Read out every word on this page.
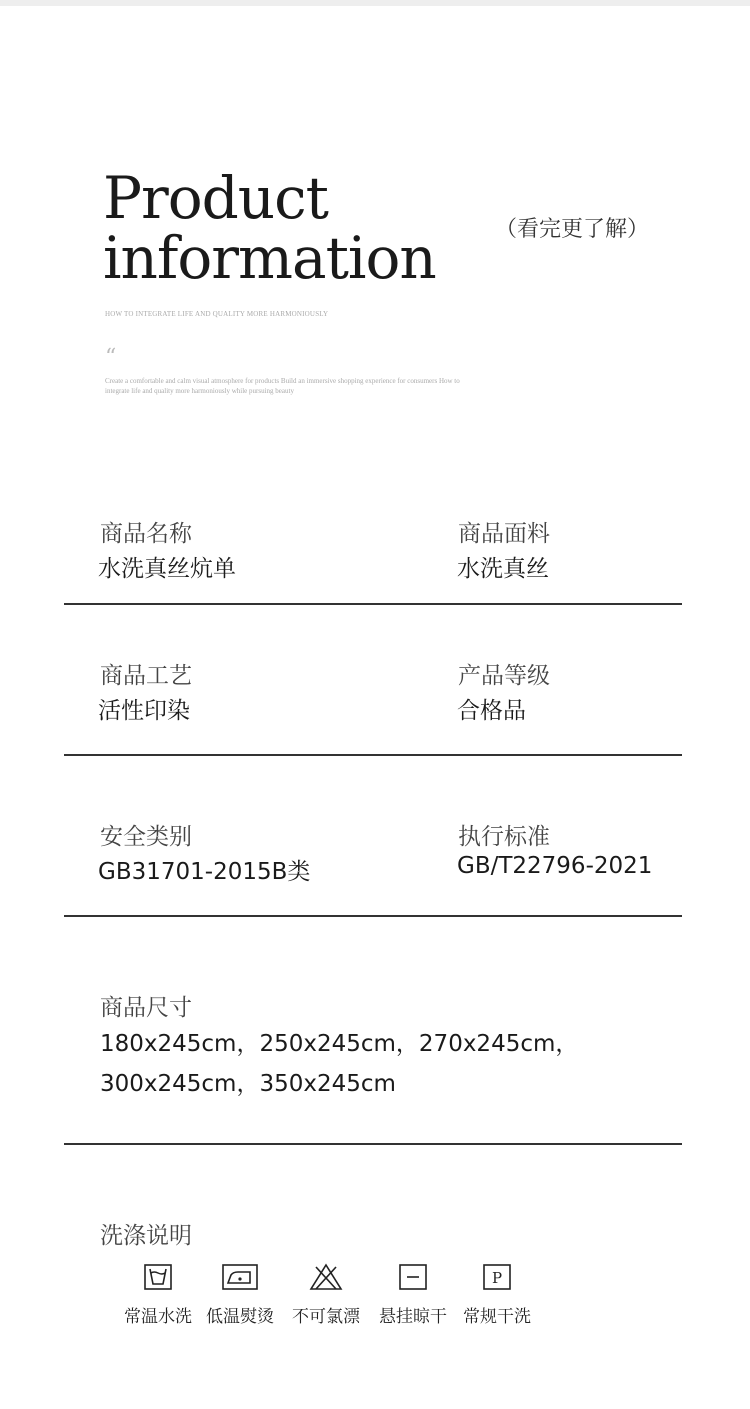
Product
information	（看完更了解）
HOW TO INTEGRATE LIFE AND QUALITY MORE HARMONIOUSLY
“
Create a comfortable and calm visual atmosphere for products Build an immersive shopping experience for consumers How to integrate life and quality more harmoniously while pursuing beauty
商品名称
水洗真丝炕单
商品面料
水洗真丝
商品工艺
活性印染
产品等级
合格品
安全类别
GB31701-2015B类
执行标准
GB/T22796-2021
商品尺寸
180x245cm，250x245cm，270x245cm，
300x245cm，350x245cm
洗涤说明
常温水洗 低温熨烫	不可氯漂	悬挂晾干
P
常规干洗
